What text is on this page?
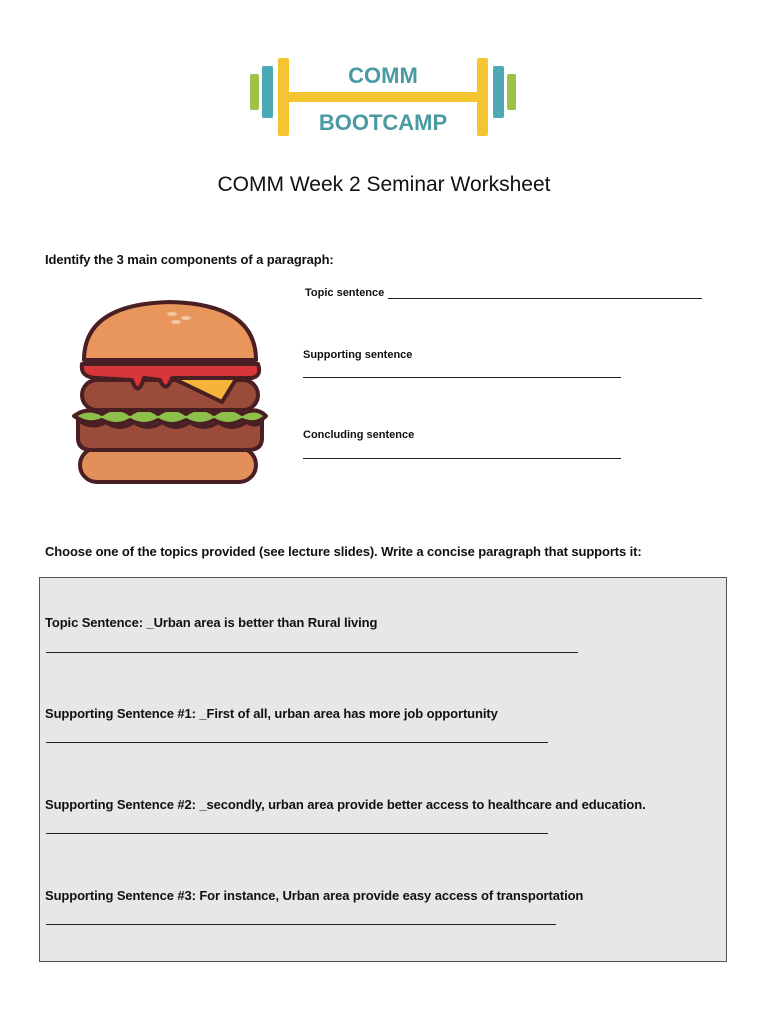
COMM
BOOTCAMP
COMM Week 2 Seminar Worksheet
Identify the 3 main components of a paragraph:
Topic sentence
Supporting sentence
Concluding sentence
Choose one of the topics provided (see lecture slides). Write a concise paragraph that supports it:
Topic Sentence: _Urban area is better than Rural living
Supporting Sentence #1: _First of all, urban area has more job opportunity
Supporting Sentence #2: _secondly, urban area provide better access to healthcare and education.
Supporting Sentence #3: For instance, Urban area provide easy access of transportation
